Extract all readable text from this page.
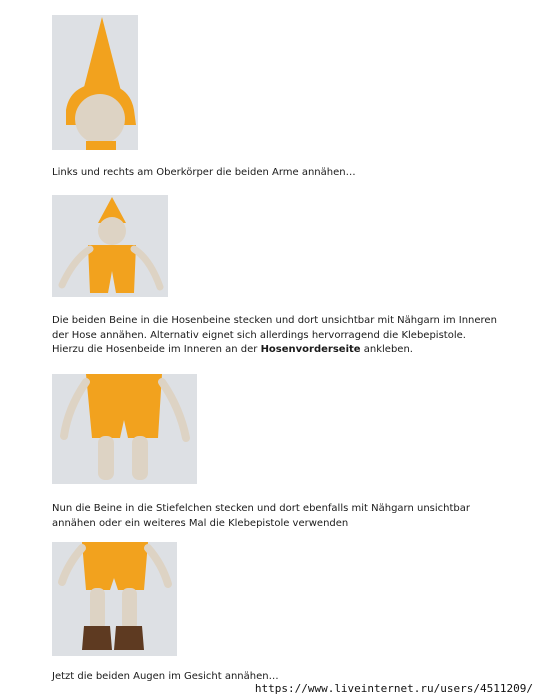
Links und rechts am Oberkörper die beiden Arme annähen…
Die beiden Beine in die Hosenbeine stecken und dort unsichtbar mit Nähgarn im Inneren
der Hose annähen. Alternativ eignet sich allerdings hervorragend die Klebepistole.
Hierzu die Hosenbeide im Inneren an der Hosenvorderseite ankleben.
Nun die Beine in die Stiefelchen stecken und dort ebenfalls mit Nähgarn unsichtbar
annähen oder ein weiteres Mal die Klebepistole verwenden
Jetzt die beiden Augen im Gesicht annähen…
https://www.liveinternet.ru/users/4511209/
